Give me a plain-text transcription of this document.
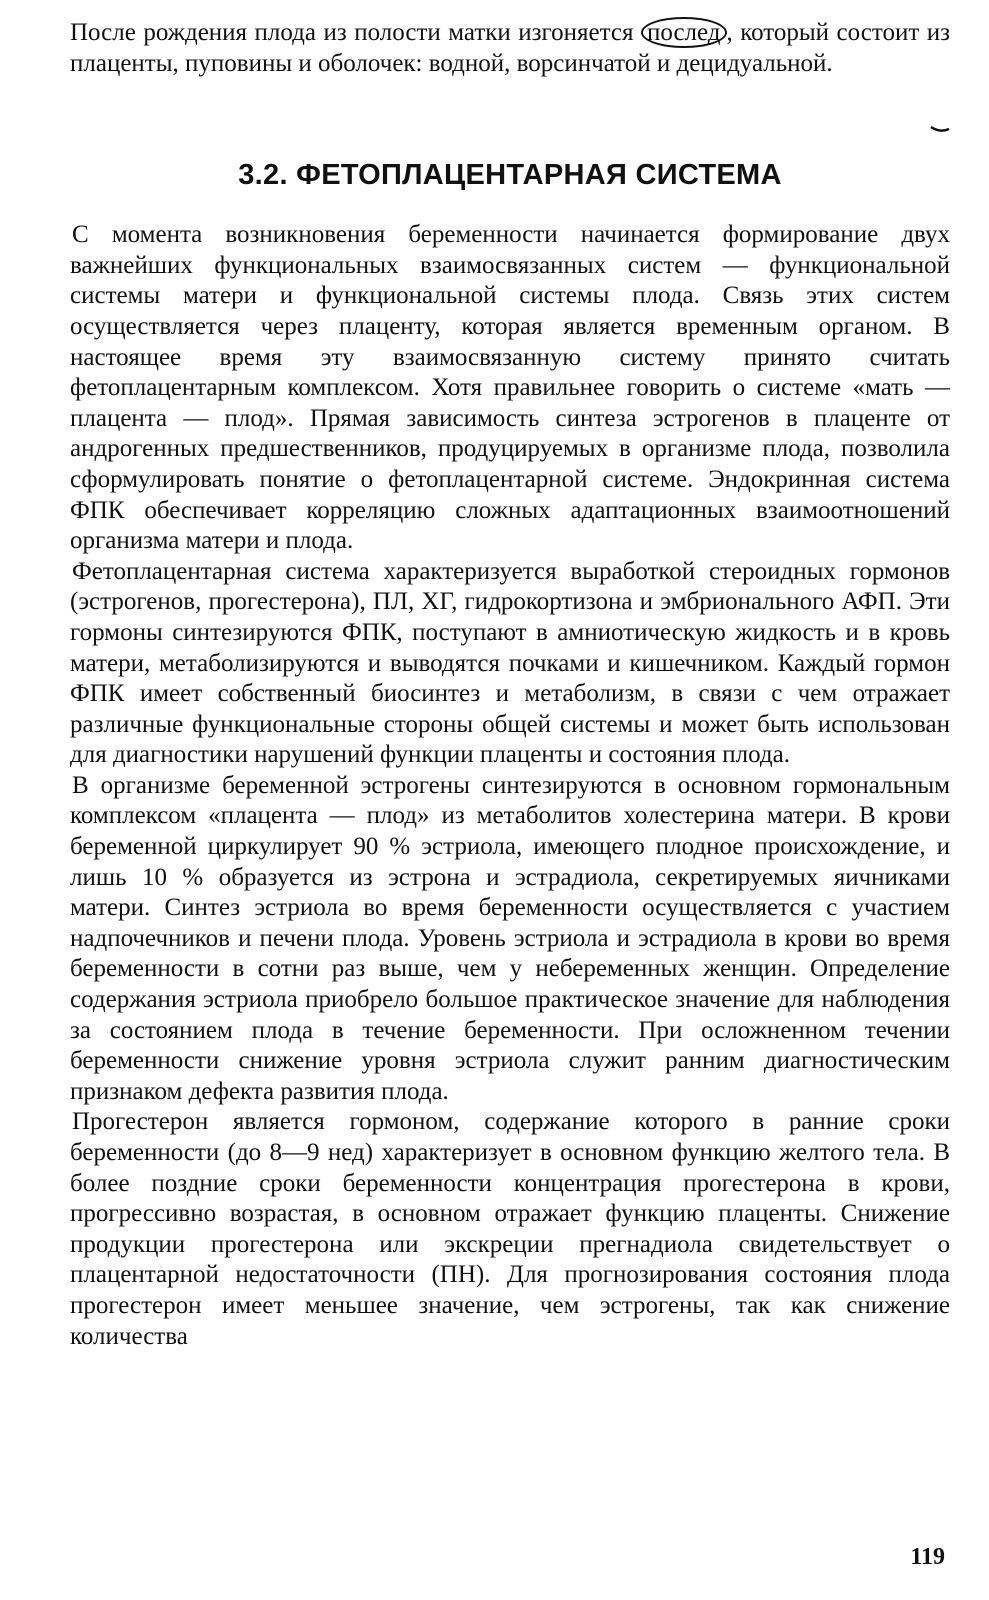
После рождения плода из полости матки изгоняется послед , который состоит из плаценты, пуповины и оболочек: водной, ворсинчатой и децидуальной.

3.2. ФЕТОПЛАЦЕНТАРНАЯ СИСТЕМА

С момента возникновения беременности начинается формирование двух важнейших функциональных взаимосвязанных систем — функциональной системы матери и функциональной системы плода. Связь этих систем осуществляется через плаценту, которая является временным органом. В настоящее время эту взаимосвязанную систему принято считать фетоплацентарным комплексом. Хотя правильнее говорить о системе «мать — плацента — плод». Прямая зависимость синтеза эстрогенов в плаценте от андрогенных предшественников, продуцируемых в организме плода, позволила сформулировать понятие о фетоплацентарной системе. Эндокринная система ФПК обеспечивает корреляцию сложных адаптационных взаимоотношений организма матери и плода.

Фетоплацентарная система характеризуется выработкой стероидных гормонов (эстрогенов, прогестерона), ПЛ, ХГ, гидрокортизона и эмбрионального АФП. Эти гормоны синтезируются ФПК, поступают в амниотическую жидкость и в кровь матери, метаболизируются и выводятся почками и кишечником. Каждый гормон ФПК имеет собственный биосинтез и метаболизм, в связи с чем отражает различные функциональные стороны общей системы и может быть использован для диагностики нарушений функции плаценты и состояния плода.

В организме беременной эстрогены синтезируются в основном гормональным комплексом «плацента — плод» из метаболитов холестерина матери. В крови беременной циркулирует 90 % эстриола, имеющего плодное происхождение, и лишь 10 % образуется из эстрона и эстрадиола, секретируемых яичниками матери. Синтез эстриола во время беременности осуществляется с участием надпочечников и печени плода. Уровень эстриола и эстрадиола в крови во время беременности в сотни раз выше, чем у небеременных женщин. Определение содержания эстриола приобрело большое практическое значение для наблюдения за состоянием плода в течение беременности. При осложненном течении беременности снижение уровня эстриола служит ранним диагностическим признаком дефекта развития плода.

Прогестерон является гормоном, содержание которого в ранние сроки беременности (до 8—9 нед) характеризует в основном функцию желтого тела. В более поздние сроки беременности концентрация прогестерона в крови, прогрессивно возрастая, в основном отражает функцию плаценты. Снижение продукции прогестерона или экскреции прегнадиола свидетельствует о плацентарной недостаточности (ПН). Для прогнозирования состояния плода прогестерон имеет меньшее значение, чем эстрогены, так как снижение количества

119
